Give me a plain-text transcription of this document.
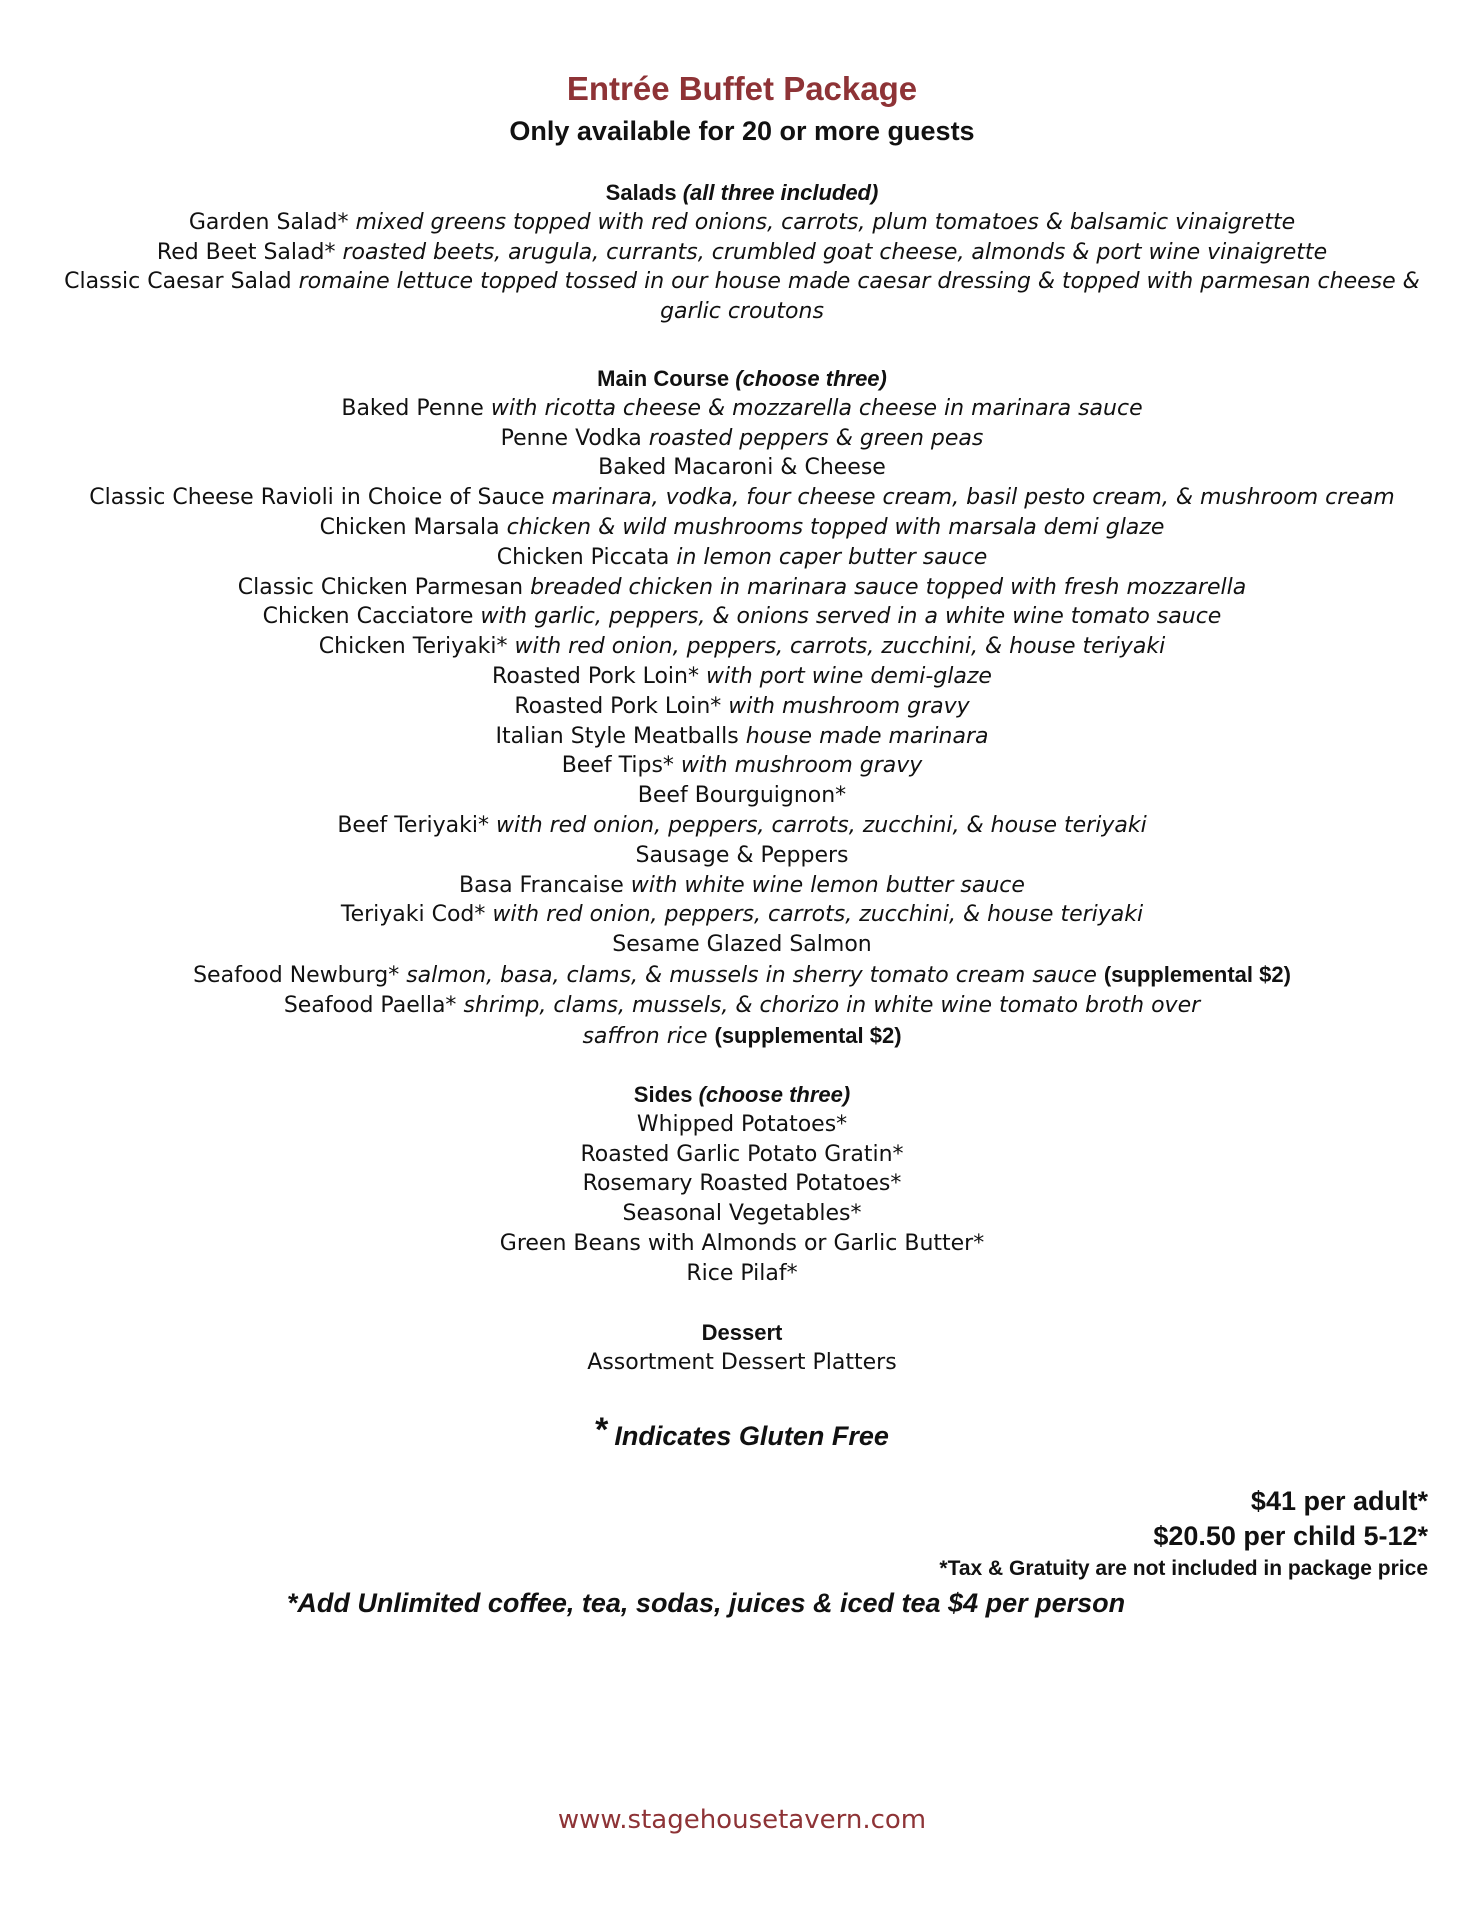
Entrée Buffet Package
Only available for 20 or more guests
Salads (all three included)
Garden Salad* mixed greens topped with red onions, carrots, plum tomatoes & balsamic vinaigrette
Red Beet Salad* roasted beets, arugula, currants, crumbled goat cheese, almonds & port wine vinaigrette
Classic Caesar Salad romaine lettuce topped tossed in our house made caesar dressing & topped with parmesan cheese & garlic croutons
Main Course (choose three)
Baked Penne with ricotta cheese & mozzarella cheese in marinara sauce
Penne Vodka roasted peppers & green peas
Baked Macaroni & Cheese
Classic Cheese Ravioli in Choice of Sauce marinara, vodka, four cheese cream, basil pesto cream, & mushroom cream
Chicken Marsala chicken & wild mushrooms topped with marsala demi glaze
Chicken Piccata in lemon caper butter sauce
Classic Chicken Parmesan breaded chicken in marinara sauce topped with fresh mozzarella
Chicken Cacciatore with garlic, peppers, & onions served in a white wine tomato sauce
Chicken Teriyaki* with red onion, peppers, carrots, zucchini, & house teriyaki
Roasted Pork Loin* with port wine demi-glaze
Roasted Pork Loin* with mushroom gravy
Italian Style Meatballs house made marinara
Beef Tips* with mushroom gravy
Beef Bourguignon*
Beef Teriyaki* with red onion, peppers, carrots, zucchini, & house teriyaki
Sausage & Peppers
Basa Francaise with white wine lemon butter sauce
Teriyaki Cod* with red onion, peppers, carrots, zucchini, & house teriyaki
Sesame Glazed Salmon
Seafood Newburg* salmon, basa, clams, & mussels in sherry tomato cream sauce (supplemental $2)
Seafood Paella* shrimp, clams, mussels, & chorizo in white wine tomato broth over
saffron rice (supplemental $2)
Sides (choose three)
Whipped Potatoes*
Roasted Garlic Potato Gratin*
Rosemary Roasted Potatoes*
Seasonal Vegetables*
Green Beans with Almonds or Garlic Butter*
Rice Pilaf*
Dessert
Assortment Dessert Platters
* Indicates Gluten Free
$41 per adult*
$20.50 per child 5-12*
*Tax & Gratuity are not included in package price
*Add Unlimited coffee, tea, sodas, juices & iced tea $4 per person
www.stagehousetavern.com
